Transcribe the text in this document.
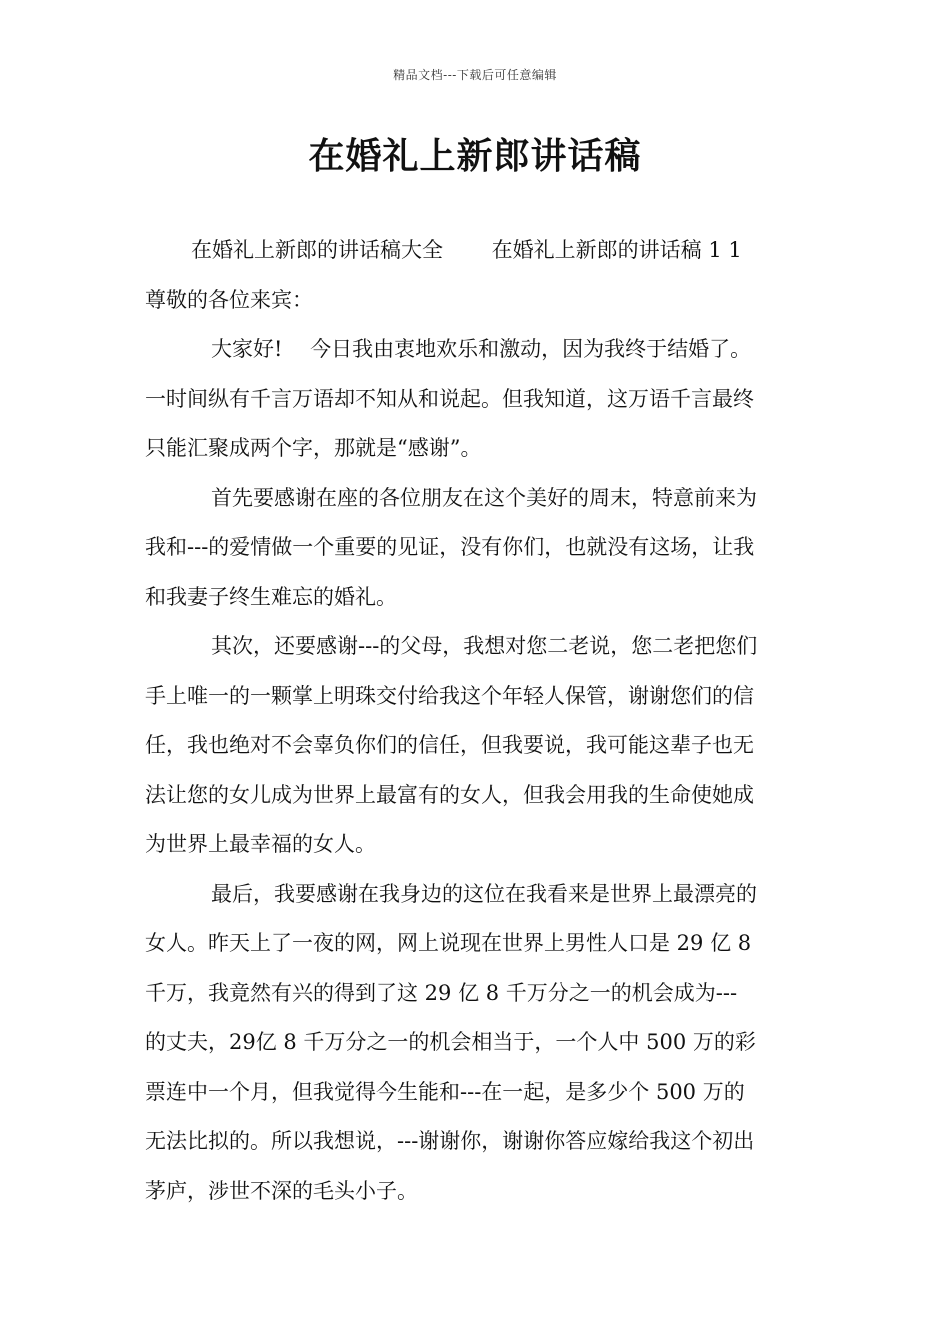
精品文档---下载后可任意编辑
在婚礼上新郎讲话稿
在婚礼上新郎的讲话稿大全　　 在婚礼上新郎的讲话稿 1 1
尊敬的各位来宾：
大家好!　 今日我由衷地欢乐和激动，因为我终于结婚了。
一时间纵有千言万语却不知从和说起。但我知道，这万语千言最终
只能汇聚成两个字，那就是“感谢”。
首先要感谢在座的各位朋友在这个美好的周末，特意前来为
我和---的爱情做一个重要的见证，没有你们，也就没有这场，让我
和我妻子终生难忘的婚礼。
其次，还要感谢---的父母，我想对您二老说，您二老把您们
手上唯一的一颗掌上明珠交付给我这个年轻人保管，谢谢您们的信
任，我也绝对不会辜负你们的信任，但我要说，我可能这辈子也无
法让您的女儿成为世界上最富有的女人，但我会用我的生命使她成
为世界上最幸福的女人。
最后，我要感谢在我身边的这位在我看来是世界上最漂亮的
女人。昨天上了一夜的网，网上说现在世界上男性人口是 29 亿 8
千万，我竟然有兴的得到了这 29 亿 8 千万分之一的机会成为---
的丈夫，29亿 8 千万分之一的机会相当于，一个人中 500 万的彩
票连中一个月，但我觉得今生能和---在一起，是多少个 500 万的
无法比拟的。所以我想说，---谢谢你，谢谢你答应嫁给我这个初出
茅庐，涉世不深的毛头小子。
